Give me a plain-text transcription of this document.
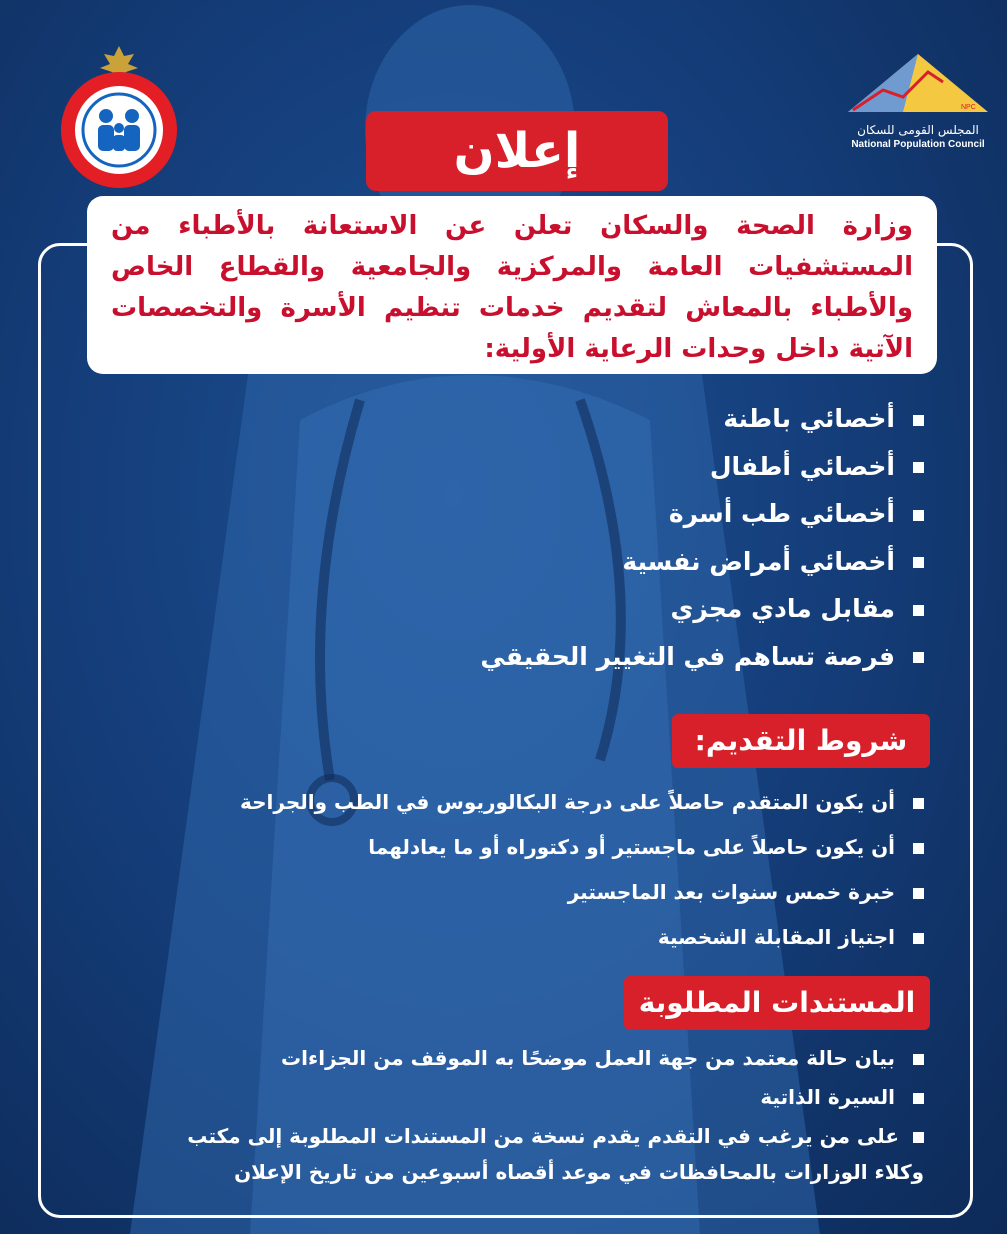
NPC
المجلس القومى للسكان
National Population Council
إعلان
وزارة الصحة والسكان تعلن عن الاستعانة بالأطباء من المستشفيات العامة والمركزية والجامعية والقطاع الخاص والأطباء بالمعاش لتقديم خدمات تنظيم الأسرة والتخصصات الآتية داخل وحدات الرعاية الأولية:
أخصائي باطنة
أخصائي أطفال
أخصائي طب أسرة
أخصائي أمراض نفسية
مقابل مادي مجزي
فرصة تساهم في التغيير الحقيقي
شروط التقديم:
أن يكون المتقدم حاصلاً على درجة البكالوريوس في الطب والجراحة
أن يكون حاصلاً على ماجستير أو دكتوراه أو ما يعادلهما
خبرة خمس سنوات بعد الماجستير
اجتياز المقابلة الشخصية
المستندات المطلوبة
بيان حالة معتمد من جهة العمل موضحًا به الموقف من الجزاءات
السيرة الذاتية
على من يرغب في التقدم يقدم نسخة من المستندات المطلوبة إلى مكتب وكلاء الوزارات بالمحافظات في موعد أقصاه أسبوعين من تاريخ الإعلان
